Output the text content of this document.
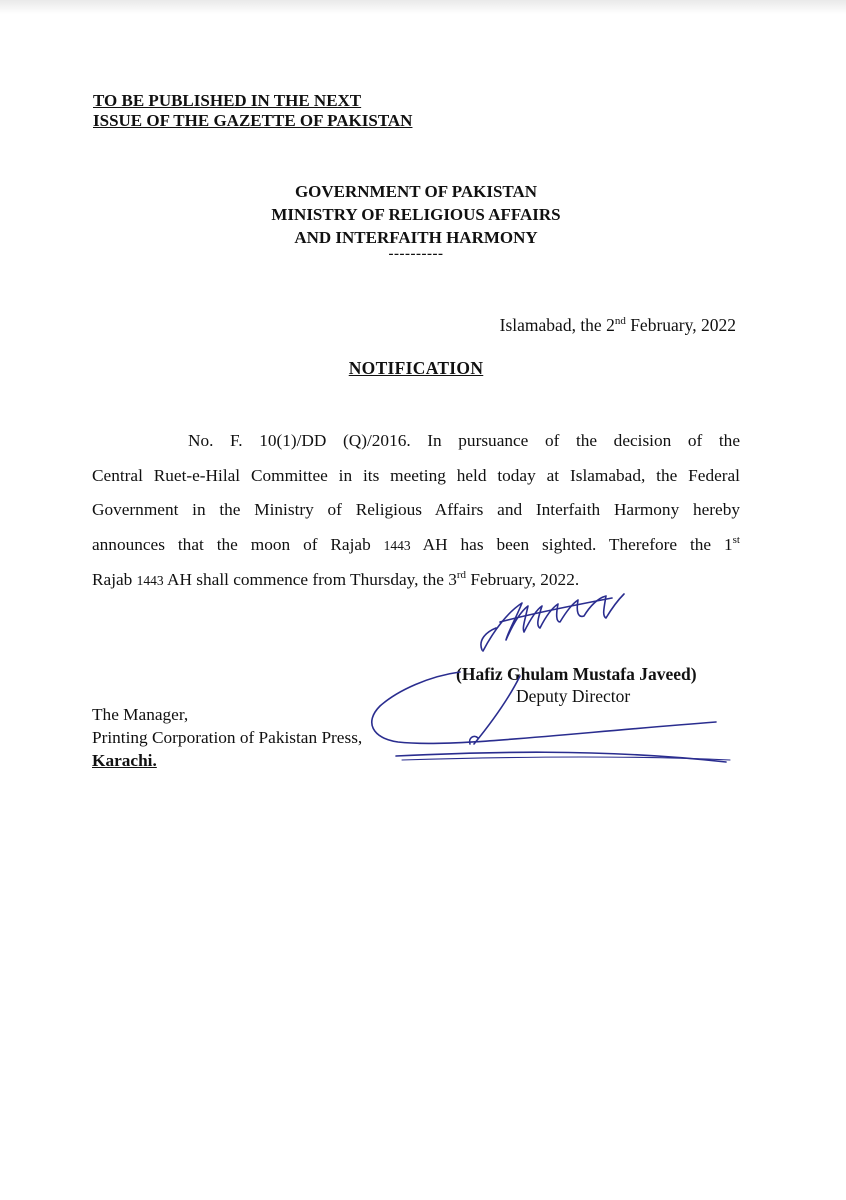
TO BE PUBLISHED IN THE NEXT
ISSUE OF THE GAZETTE OF PAKISTAN
GOVERNMENT OF PAKISTAN
MINISTRY OF RELIGIOUS AFFAIRS
AND INTERFAITH HARMONY
----------
Islamabad, the 2nd February, 2022
NOTIFICATION
No. F. 10(1)/DD (Q)/2016. In pursuance of the decision of the
Central Ruet-e-Hilal Committee in its meeting held today at Islamabad, the Federal
Government in the Ministry of Religious Affairs and Interfaith Harmony hereby
announces that the moon of Rajab 1443 AH has been sighted. Therefore the 1st
Rajab 1443 AH shall commence from Thursday, the 3rd February, 2022.
(Hafiz Ghulam Mustafa Javeed)
Deputy Director
The Manager,
Printing Corporation of Pakistan Press,
Karachi.
